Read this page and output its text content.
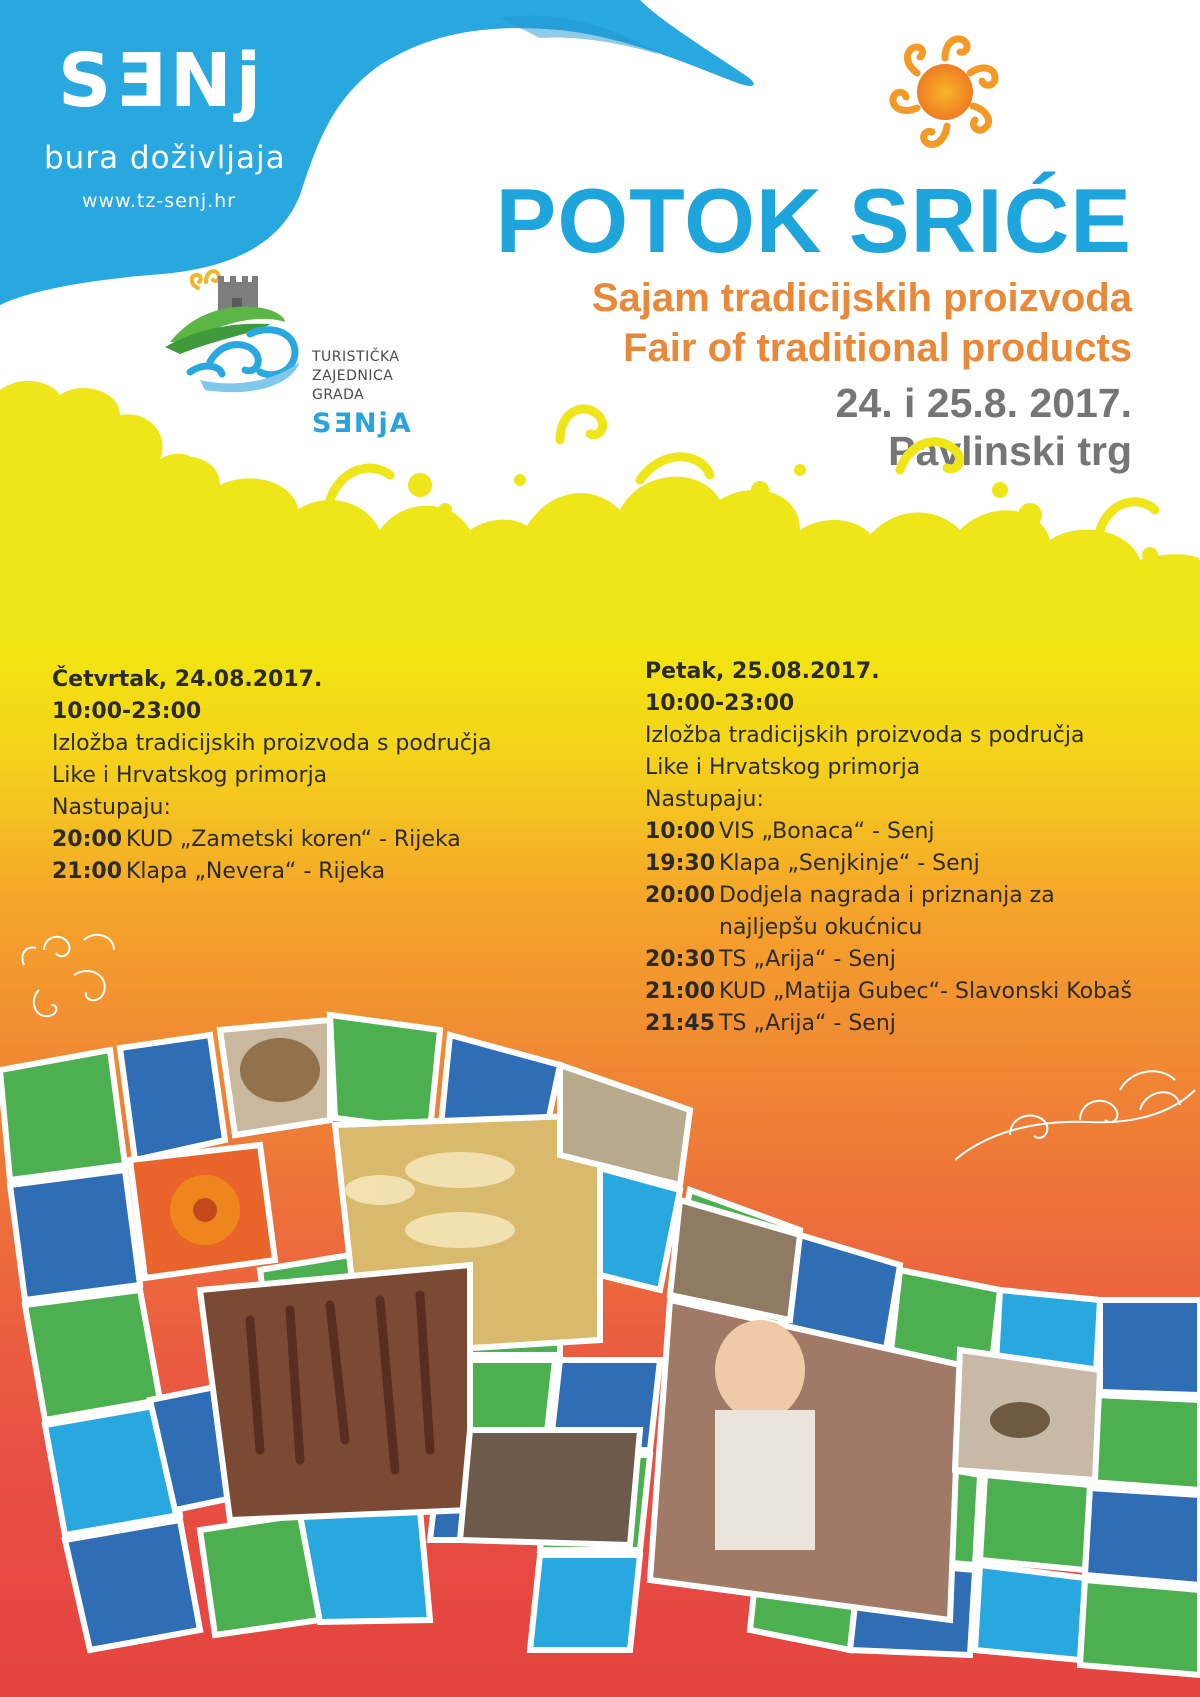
SƎNj
bura doživljaja
www.tz-senj.hr
TURISTIČKA
ZAJEDNICA
GRADA
SƎNjA
POTOK SRIĆE
Sajam tradicijskih proizvoda
Fair of traditional products
24. i 25.8. 2017.
Pavlinski trg
Četvrtak, 24.08.2017.
10:00-23:00
Izložba tradicijskih proizvoda s područja
Like i Hrvatskog primorja
Nastupaju:
20:00 KUD „Zametski koren“ - Rijeka
21:00 Klapa „Nevera“ - Rijeka
Petak, 25.08.2017.
10:00-23:00
Izložba tradicijskih proizvoda s područja
Like i Hrvatskog primorja
Nastupaju:
10:00 VIS „Bonaca“ - Senj
19:30 Klapa „Senjkinje“ - Senj
20:00 Dodjela nagrada i priznanja za najljepšu okućnicu
20:30 TS „Arija“ - Senj
21:00 KUD „Matija Gubec“- Slavonski Kobaš
21:45 TS „Arija“ - Senj
